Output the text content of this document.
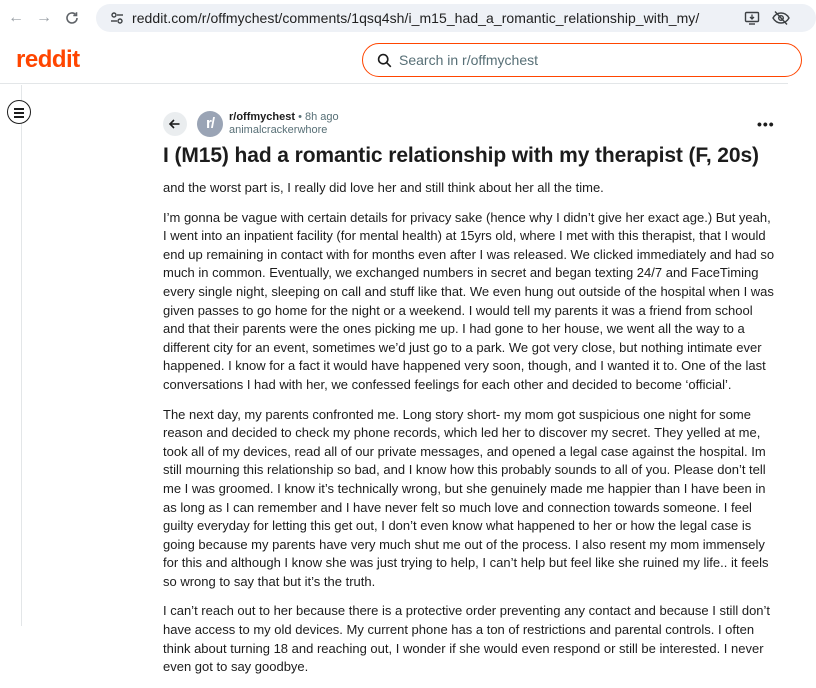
← →	reddit.com/r/offmychest/comments/1qsq4sh/i_m15_had_a_romantic_relationship_with_my/
reddit
Search in r/offmychest
r/	r/offmychest • 8h ago
animalcrackerwhore	•••
I (M15) had a romantic relationship with my therapist (F, 20s)

and the worst part is, I really did love her and still think about her all the time.

I’m gonna be vague with certain details for privacy sake (hence why I didn’t give her exact age.) But yeah, I went into an inpatient facility (for mental health) at 15yrs old, where I met with this therapist, that I would end up remaining in contact with for months even after I was released. We clicked immediately and had so much in common. Eventually, we exchanged numbers in secret and began texting 24/7 and FaceTiming every single night, sleeping on call and stuff like that. We even hung out outside of the hospital when I was given passes to go home for the night or a weekend. I would tell my parents it was a friend from school and that their parents were the ones picking me up. I had gone to her house, we went all the way to a different city for an event, sometimes we’d just go to a park. We got very close, but nothing intimate ever happened. I know for a fact it would have happened very soon, though, and I wanted it to. One of the last conversations I had with her, we confessed feelings for each other and decided to become ‘official’.

The next day, my parents confronted me. Long story short- my mom got suspicious one night for some reason and decided to check my phone records, which led her to discover my secret. They yelled at me, took all of my devices, read all of our private messages, and opened a legal case against the hospital. Im still mourning this relationship so bad, and I know how this probably sounds to all of you. Please don’t tell me I was groomed. I know it’s technically wrong, but she genuinely made me happier than I have been in as long as I can remember and I have never felt so much love and connection towards someone. I feel guilty everyday for letting this get out, I don’t even know what happened to her or how the legal case is going because my parents have very much shut me out of the process. I also resent my mom immensely for this and although I know she was just trying to help, I can’t help but feel like she ruined my life.. it feels so wrong to say that but it’s the truth.

I can’t reach out to her because there is a protective order preventing any contact and because I still don’t have access to my old devices. My current phone has a ton of restrictions and parental controls. I often think about turning 18 and reaching out, I wonder if she would even respond or still be interested. I never even got to say goodbye.
